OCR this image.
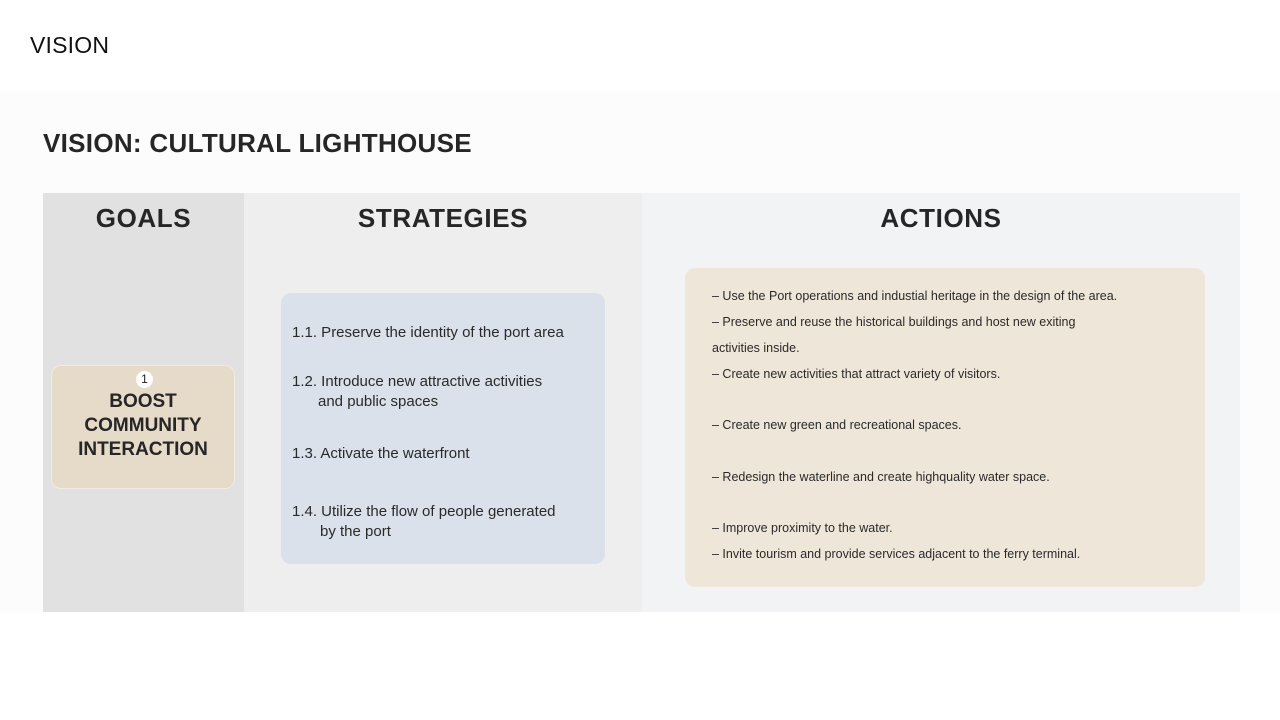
VISION
VISION: CULTURAL LIGHTHOUSE
GOALS
1
BOOST
COMMUNITY
INTERACTION
STRATEGIES
1.1. Preserve the identity of the port area
1.2. Introduce new attractive activities
and public spaces
1.3. Activate the waterfront
1.4. Utilize the flow of people generated
by the port
ACTIONS
– Use the Port operations and industial heritage in the design of the area.
– Preserve and reuse the historical buildings and host new exiting
activities inside.
– Create new activities that attract variety of visitors.
– Create new green and recreational spaces.
– Redesign the waterline and create highquality water space.
– Improve proximity to the water.
– Invite tourism and provide services adjacent to the ferry terminal.
